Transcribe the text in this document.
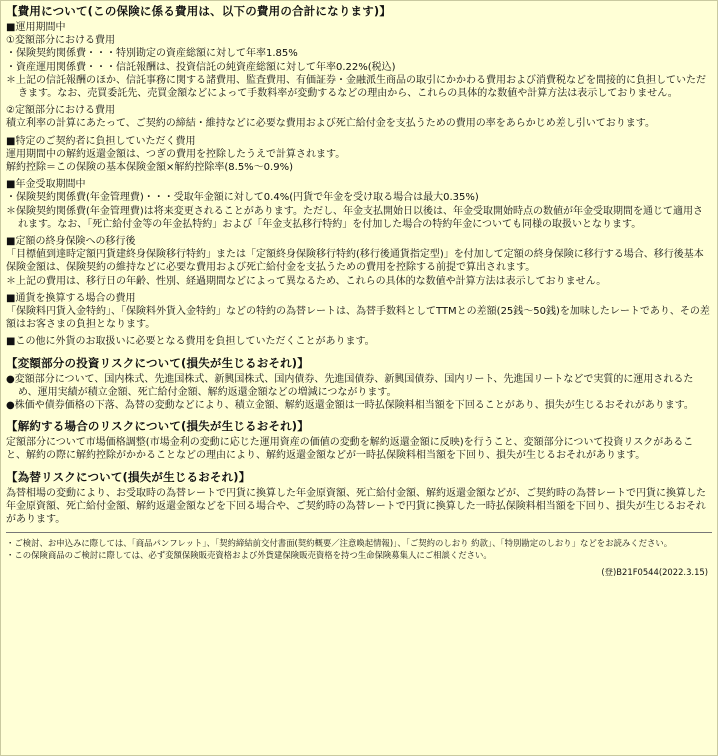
【費用について(この保険に係る費用は、以下の費用の合計になります)】

■運用期間中

①変額部分における費用

・保険契約関係費・・・特別勘定の資産総額に対して年率1.85%

・資産運用関係費・・・信託報酬は、投資信託の純資産総額に対して年率0.22%(税込)

＊上記の信託報酬のほか、信託事務に関する諸費用、監査費用、有価証券・金融派生商品の取引にかかわる費用および消費税などを間接的に負担していただきます。なお、売買委託先、売買金額などによって手数料率が変動するなどの理由から、これらの具体的な数値や計算方法は表示しておりません。

②定額部分における費用

積立利率の計算にあたって、ご契約の締結・維持などに必要な費用および死亡給付金を支払うための費用の率をあらかじめ差し引いております。

■特定のご契約者に負担していただく費用

運用期間中の解約返還金額は、つぎの費用を控除したうえで計算されます。

解約控除＝この保険の基本保険金額×解約控除率(8.5%〜0.9%)

■年金受取期間中

・保険契約関係費(年金管理費)・・・受取年金額に対して0.4%(円貨で年金を受け取る場合は最大0.35%)

＊保険契約関係費(年金管理費)は将来変更されることがあります。ただし、年金支払開始日以後は、年金受取開始時点の数値が年金受取期間を通じて適用されます。なお、「死亡給付金等の年金払特約」および「年金支払移行特約」を付加した場合の特約年金についても同様の取扱いとなります。

■定額の終身保険への移行後

「目標値到達時定額円貨建終身保険移行特約」または「定額終身保険移行特約(移行後通貨指定型)」を付加して定額の終身保険に移行する場合、移行後基本保険金額は、保険契約の維持などに必要な費用および死亡給付金を支払うための費用を控除する前提で算出されます。

＊上記の費用は、移行日の年齢、性別、経過期間などによって異なるため、これらの具体的な数値や計算方法は表示しておりません。

■通貨を換算する場合の費用

「保険料円貨入金特約」、「保険料外貨入金特約」などの特約の為替レートは、為替手数料としてTTMとの差額(25銭〜50銭)を加味したレートであり、その差額はお客さまの負担となります。

■この他に外貨のお取扱いに必要となる費用を負担していただくことがあります。

【変額部分の投資リスクについて(損失が生じるおそれ)】

●変額部分について、国内株式、先進国株式、新興国株式、国内債券、先進国債券、新興国債券、国内リート、先進国リートなどで実質的に運用されるため、運用実績が積立金額、死亡給付金額、解約返還金額などの増減につながります。

●株価や債券価格の下落、為替の変動などにより、積立金額、解約返還金額は一時払保険料相当額を下回ることがあり、損失が生じるおそれがあります。

【解約する場合のリスクについて(損失が生じるおそれ)】

定額部分について市場価格調整(市場金利の変動に応じた運用資産の価値の変動を解約返還金額に反映)を行うこと、変額部分について投資リスクがあること、解約の際に解約控除がかかることなどの理由により、解約返還金額などが一時払保険料相当額を下回り、損失が生じるおそれがあります。

【為替リスクについて(損失が生じるおそれ)】

為替相場の変動により、お受取時の為替レートで円貨に換算した年金原資額、死亡給付金額、解約返還金額などが、ご契約時の為替レートで円貨に換算した年金原資額、死亡給付金額、解約返還金額などを下回る場合や、ご契約時の為替レートで円貨に換算した一時払保険料相当額を下回り、損失が生じるおそれがあります。

・ご検討、お申込みに際しては、「商品パンフレット」、「契約締結前交付書面(契約概要／注意喚起情報)」、「ご契約のしおり 約款」、「特別勘定のしおり」などをお読みください。

・この保険商品のご検討に際しては、必ず変額保険販売資格および外貨建保険販売資格を持つ生命保険募集人にご相談ください。

(登)B21F0544(2022.3.15)
